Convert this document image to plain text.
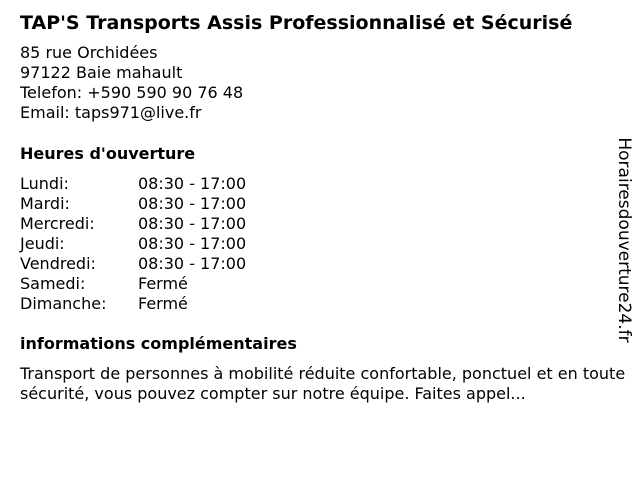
TAP'S Transports Assis Professionnalisé et Sécurisé
85 rue Orchidées
97122 Baie mahault
Telefon: +590 590 90 76 48
Email: taps971@live.fr
Heures d'ouverture
Lundi:	08:30 - 17:00
Mardi:	08:30 - 17:00
Mercredi:	08:30 - 17:00
Jeudi:	08:30 - 17:00
Vendredi:	08:30 - 17:00
Samedi:	Fermé
Dimanche:	Fermé
informations complémentaires
Transport de personnes à mobilité réduite confortable, ponctuel et en toute sécurité, vous pouvez compter sur notre équipe. Faites appel...
Horairesdouverture24.fr
